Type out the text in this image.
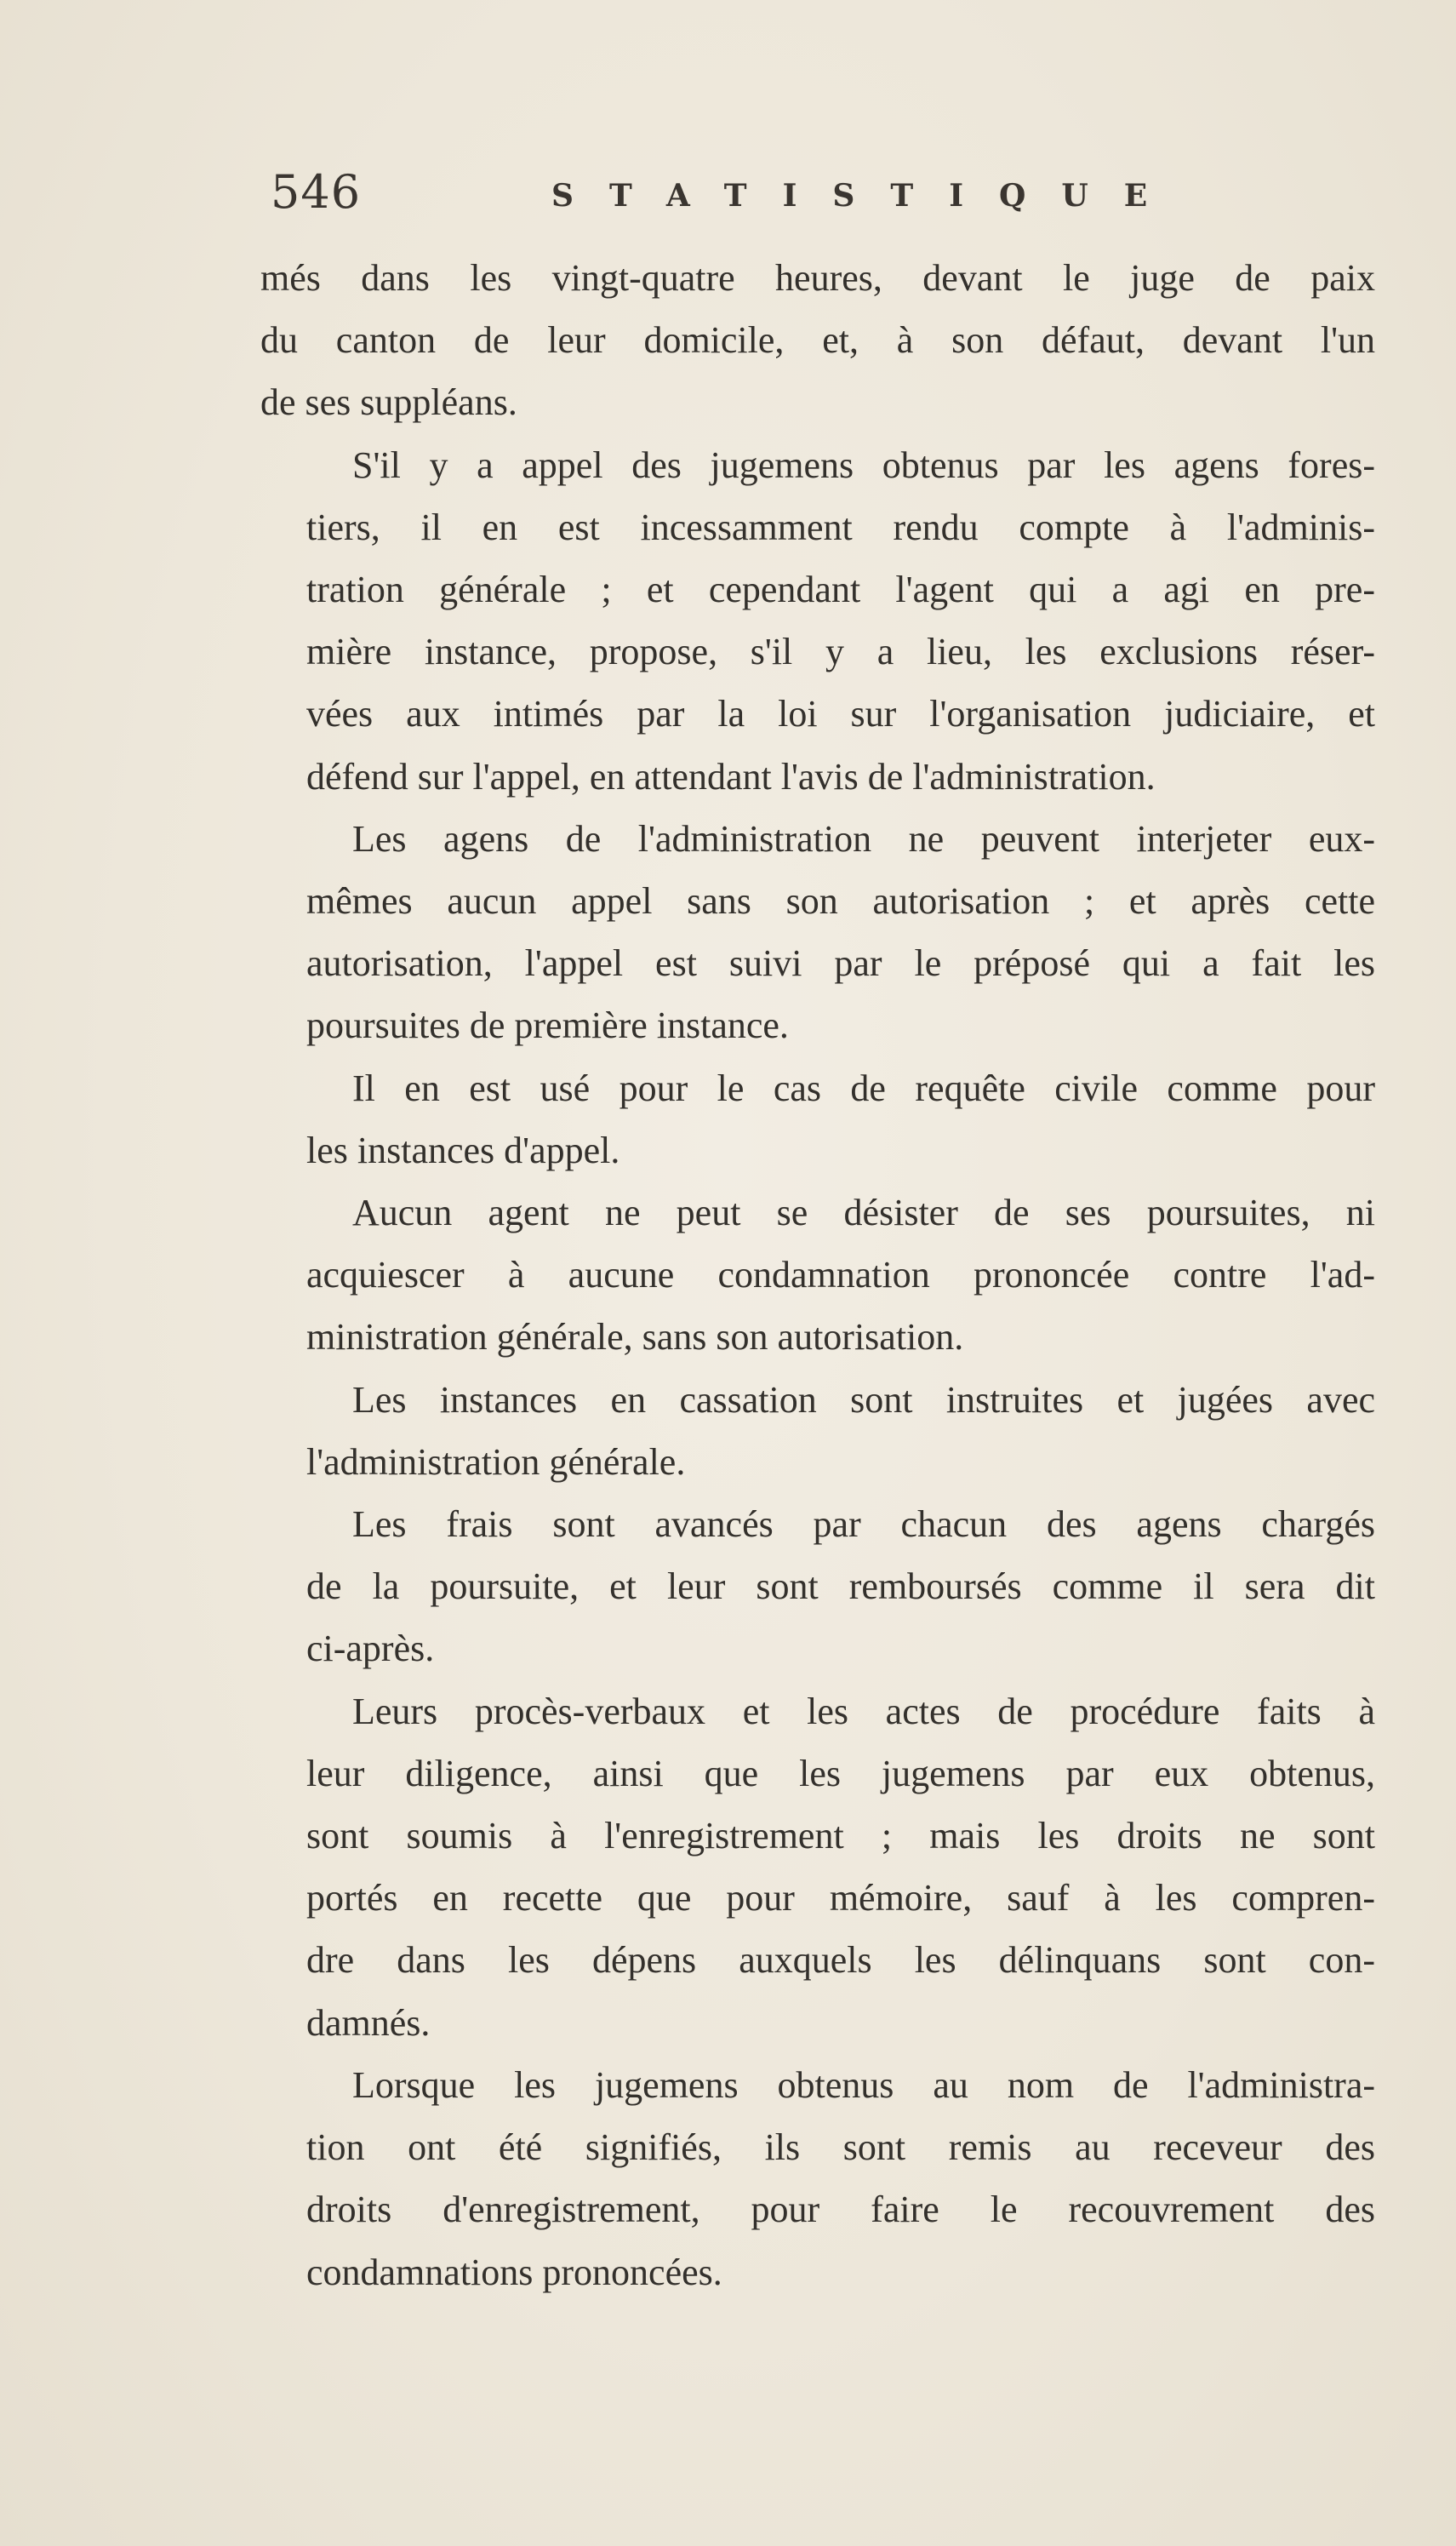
546	STATISTIQUE
més dans les vingt-quatre heures, devant le juge de paix
du canton de leur domicile, et, à son défaut, devant l'un
de ses suppléans.
S'il y a appel des jugemens obtenus par les agens fores-
tiers, il en est incessamment rendu compte à l'adminis-
tration générale ; et cependant l'agent qui a agi en pre-
mière instance, propose, s'il y a lieu, les exclusions réser-
vées aux intimés par la loi sur l'organisation judiciaire, et
défend sur l'appel, en attendant l'avis de l'administration.
Les agens de l'administration ne peuvent interjeter eux-
mêmes aucun appel sans son autorisation ; et après cette
autorisation, l'appel est suivi par le préposé qui a fait les
poursuites de première instance.
Il en est usé pour le cas de requête civile comme pour
les instances d'appel.
Aucun agent ne peut se désister de ses poursuites, ni
acquiescer à aucune condamnation prononcée contre l'ad-
ministration générale, sans son autorisation.
Les instances en cassation sont instruites et jugées avec
l'administration générale.
Les frais sont avancés par chacun des agens chargés
de la poursuite, et leur sont remboursés comme il sera dit
ci-après.
Leurs procès-verbaux et les actes de procédure faits à
leur diligence, ainsi que les jugemens par eux obtenus,
sont soumis à l'enregistrement ; mais les droits ne sont
portés en recette que pour mémoire, sauf à les compren-
dre dans les dépens auxquels les délinquans sont con-
damnés.
Lorsque les jugemens obtenus au nom de l'administra-
tion ont été signifiés, ils sont remis au receveur des
droits d'enregistrement, pour faire le recouvrement des
condamnations prononcées.
